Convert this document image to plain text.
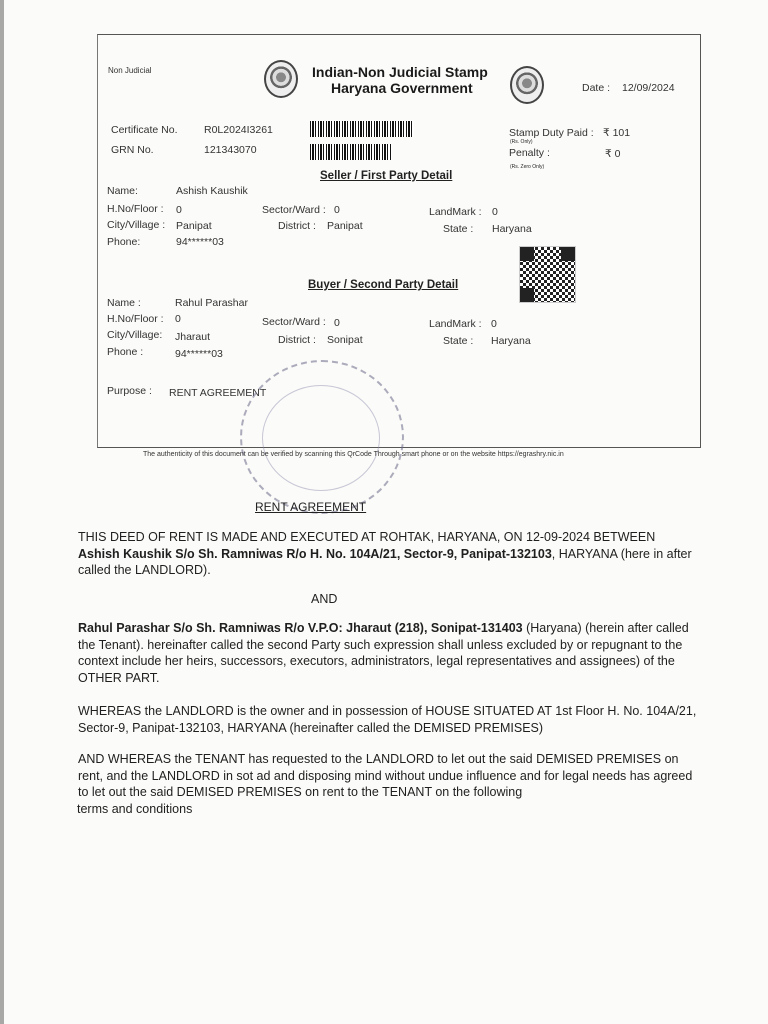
Non Judicial	Indian-Non Judicial Stamp
Haryana Government	Date : 12/09/2024
Certificate No.	R0L2024I3261
GRN No.	121343070
Stamp Duty Paid : ₹ 101
(Rs. Only)
Penalty :	₹ 0
(Rs. Zero Only)
Seller / First Party Detail
Name:	Ashish Kaushik
H.No/Floor : 0	Sector/Ward : 0	LandMark : 0
City/Village : Panipat	District : Panipat	State : Haryana
Phone:	94******03
Buyer / Second Party Detail
Name :	Rahul Parashar
H.No/Floor : 0	Sector/Ward : 0	LandMark : 0
City/Village: Jharaut	District : Sonipat	State : Haryana
Phone :	94******03
Purpose : RENT AGREEMENT
The authenticity of this document can be verified by scanning this QrCode Through smart phone or on the website https://egrashry.nic.in
RENT AGREEMENT
THIS DEED OF RENT IS MADE AND EXECUTED AT ROHTAK, HARYANA, ON 12-09-2024 BETWEEN Ashish Kaushik S/o Sh. Ramniwas R/o H. No. 104A/21, Sector-9, Panipat-132103, HARYANA (here in after called the LANDLORD).
AND
Rahul Parashar S/o Sh. Ramniwas R/o V.P.O: Jharaut (218), Sonipat-131403 (Haryana) (herein after called the Tenant). hereinafter called the second Party such expression shall unless excluded by or repugnant to the context include her heirs, successors, executors, administrators, legal representatives and assignees) of the OTHER PART.
WHEREAS the LANDLORD is the owner and in possession of HOUSE SITUATED AT 1st Floor H. No. 104A/21, Sector-9, Panipat-132103, HARYANA (hereinafter called the DEMISED PREMISES)
AND WHEREAS the TENANT has requested to the LANDLORD to let out the said DEMISED PREMISES on rent, and the LANDLORD in sot ad and disposing mind without undue influence and for legal needs has agreed to let out the said DEMISED PREMISES on rent to the TENANT on the following
terms and conditions
